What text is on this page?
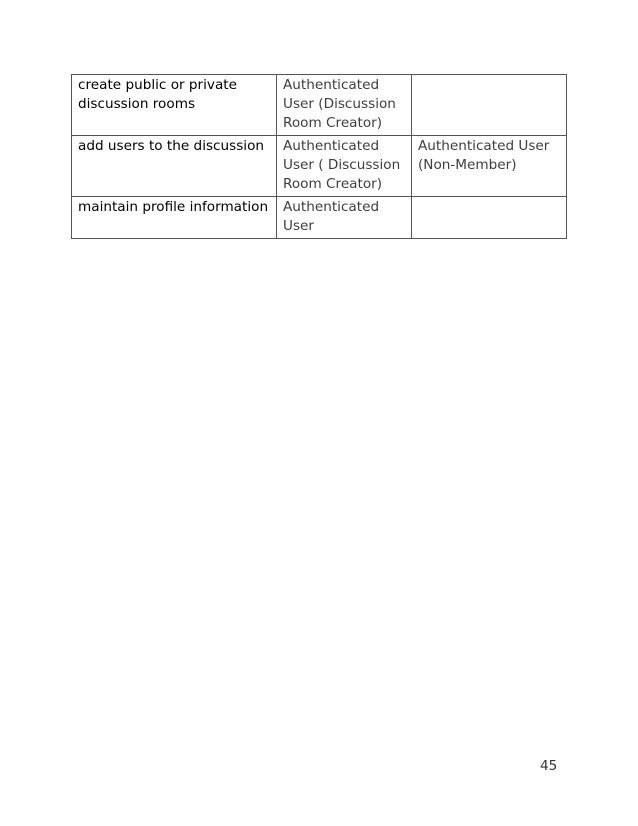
create public or private discussion rooms	Authenticated User (Discussion Room Creator)	
add users to the discussion	Authenticated User ( Discussion Room Creator)	Authenticated User (Non-Member)
maintain profile information	Authenticated User	
45
